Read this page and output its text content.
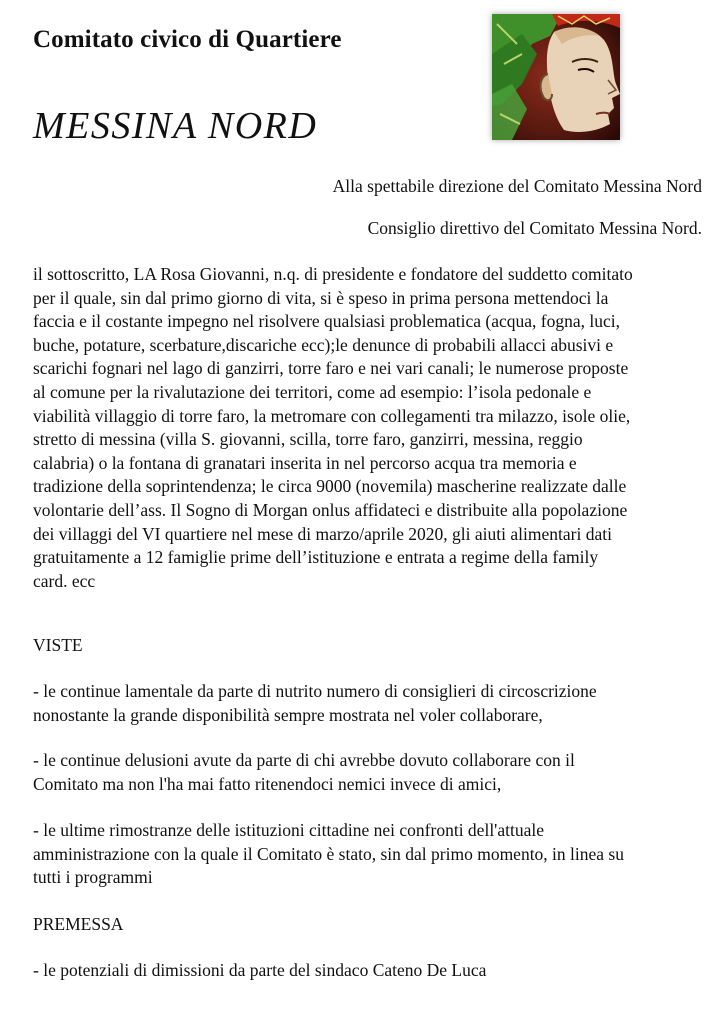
Comitato civico di Quartiere
MESSINA NORD
Alla spettabile direzione del Comitato Messina Nord
Consiglio direttivo del Comitato Messina Nord.
il sottoscritto, LA Rosa Giovanni, n.q. di presidente e fondatore del suddetto comitato
per il quale, sin dal primo giorno di vita, si è speso in prima persona mettendoci la
faccia e il costante impegno nel risolvere qualsiasi problematica (acqua, fogna, luci,
buche, potature, scerbature,discariche ecc);le denunce di probabili allacci abusivi e
scarichi fognari nel lago di ganzirri, torre faro e nei vari canali; le numerose proposte
al comune per la rivalutazione dei territori, come ad esempio: l’isola pedonale e
viabilità villaggio di torre faro, la metromare con collegamenti tra milazzo, isole olie,
stretto di messina (villa S. giovanni, scilla, torre faro, ganzirri, messina, reggio
calabria) o la fontana di granatari inserita in nel percorso acqua tra memoria e
tradizione della soprintendenza; le circa 9000 (novemila) mascherine realizzate dalle
volontarie dell’ass. Il Sogno di Morgan onlus affidateci e distribuite alla popolazione
dei villaggi del VI quartiere nel mese di marzo/aprile 2020, gli aiuti alimentari dati
gratuitamente a 12 famiglie prime dell’istituzione e entrata a regime della family
card. ecc
VISTE
- le continue lamentale da parte di nutrito numero di consiglieri di circoscrizione
nonostante la grande disponibilità sempre mostrata nel voler collaborare,
- le continue delusioni avute da parte di chi avrebbe dovuto collaborare con il
Comitato ma non l'ha mai fatto ritenendoci nemici invece di amici,
- le ultime rimostranze delle istituzioni cittadine nei confronti dell'attuale
amministrazione con la quale il Comitato è stato, sin dal primo momento, in linea su
tutti i programmi
PREMESSA
- le potenziali di dimissioni da parte del sindaco Cateno De Luca
